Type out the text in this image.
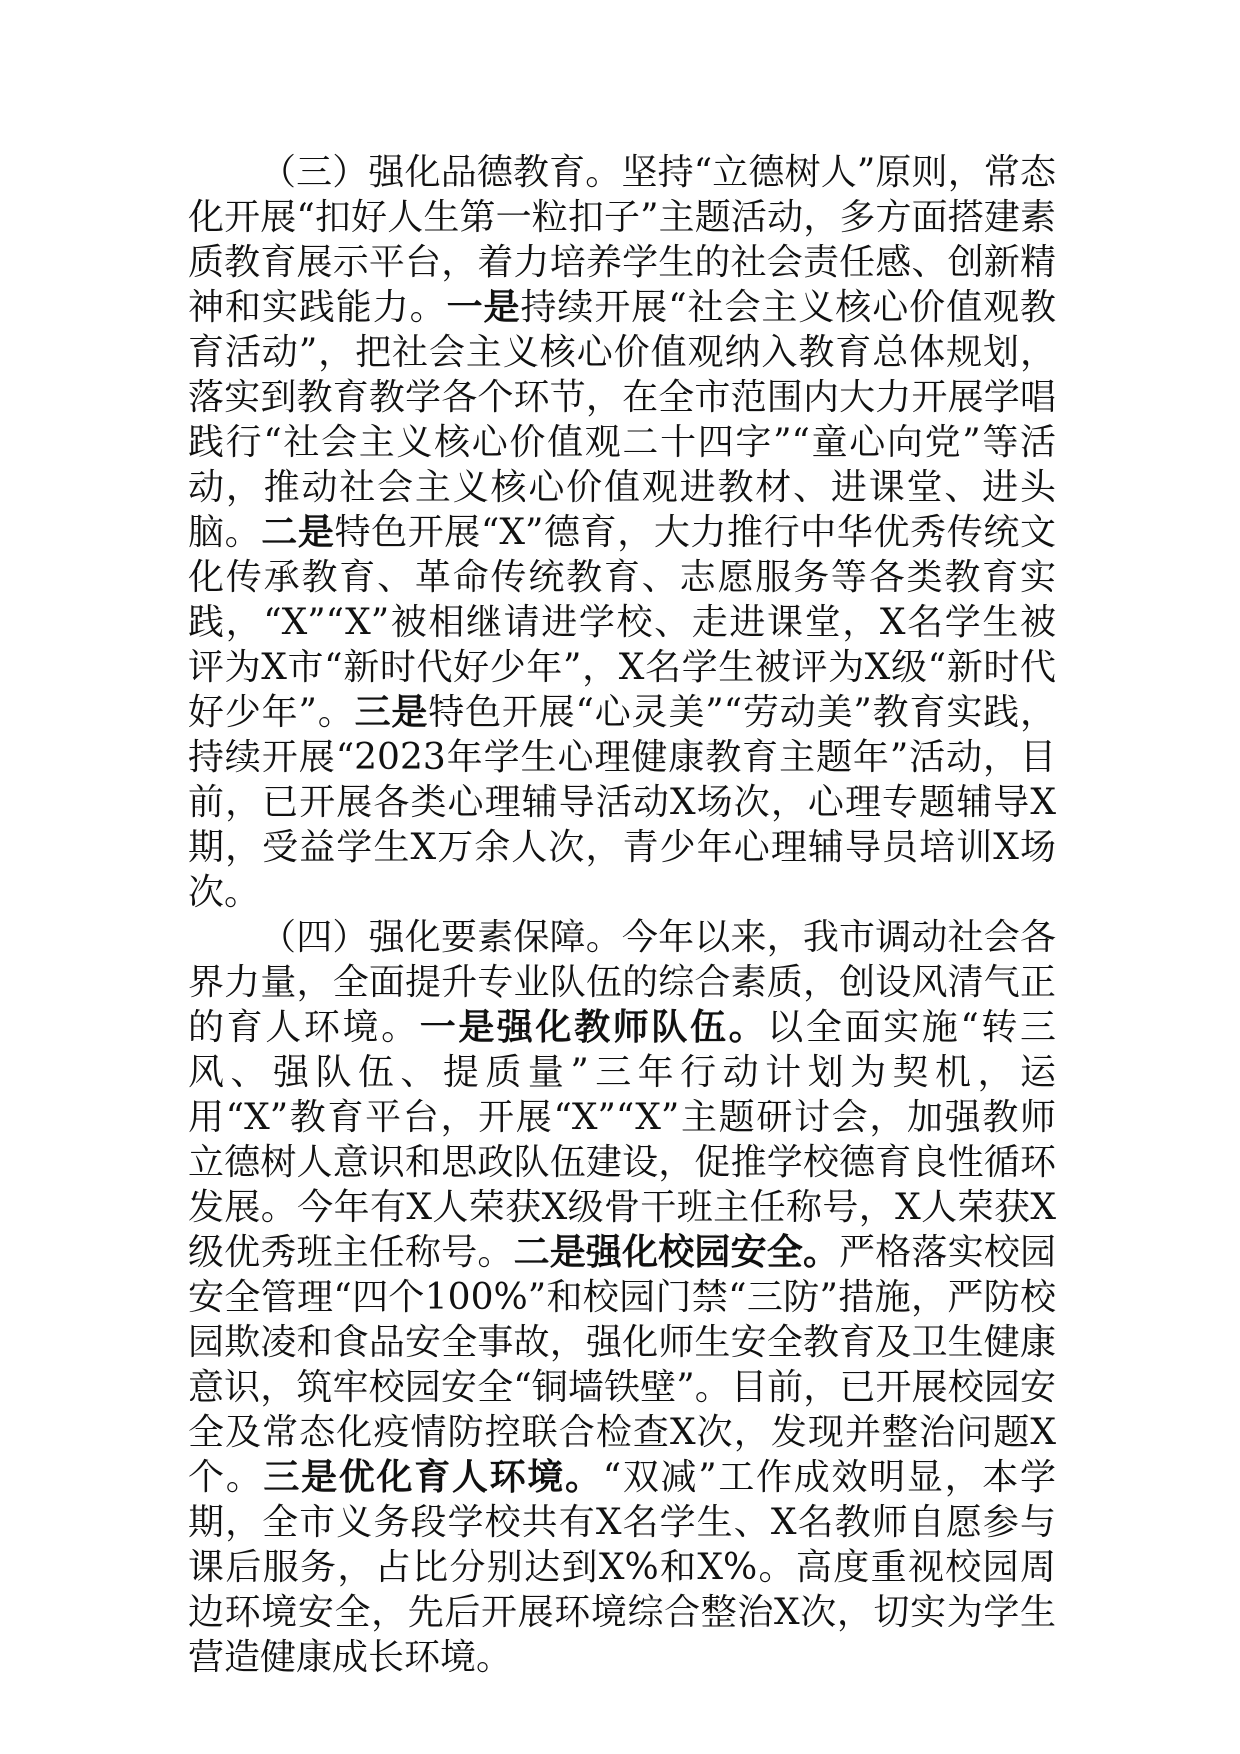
（三）强化品德教育。坚持“立德树人”原则，常态化开展“扣好人生第一粒扣子”主题活动，多方面搭建素质教育展示平台，着力培养学生的社会责任感、创新精神和实践能力。一是持续开展“社会主义核心价值观教育活动”，把社会主义核心价值观纳入教育总体规划，落实到教育教学各个环节，在全市范围内大力开展学唱践行“社会主义核心价值观二十四字”“童心向党”等活动，推动社会主义核心价值观进教材、进课堂、进头脑。二是特色开展“X”德育，大力推行中华优秀传统文化传承教育、革命传统教育、志愿服务等各类教育实践，“X”“X”被相继请进学校、走进课堂，X名学生被评为X市“新时代好少年”，X名学生被评为X级“新时代好少年”。三是特色开展“心灵美”“劳动美”教育实践，持续开展“2023年学生心理健康教育主题年”活动，目前，已开展各类心理辅导活动X场次，心理专题辅导X期，受益学生X万余人次，青少年心理辅导员培训X场次。

（四）强化要素保障。今年以来，我市调动社会各界力量，全面提升专业队伍的综合素质，创设风清气正的育人环境。一是强化教师队伍。以全面实施“转三风、强队伍、提质量”三年行动计划为契机，运用“X”教育平台，开展“X”“X”主题研讨会，加强教师立德树人意识和思政队伍建设，促推学校德育良性循环发展。今年有X人荣获X级骨干班主任称号，X人荣获X级优秀班主任称号。二是强化校园安全。严格落实校园安全管理“四个100%”和校园门禁“三防”措施，严防校园欺凌和食品安全事故，强化师生安全教育及卫生健康意识，筑牢校园安全“铜墙铁壁”。目前，已开展校园安全及常态化疫情防控联合检查X次，发现并整治问题X个。三是优化育人环境。“双减”工作成效明显，本学期，全市义务段学校共有X名学生、X名教师自愿参与课后服务，占比分别达到X%和X%。高度重视校园周边环境安全，先后开展环境综合整治X次，切实为学生营造健康成长环境。
